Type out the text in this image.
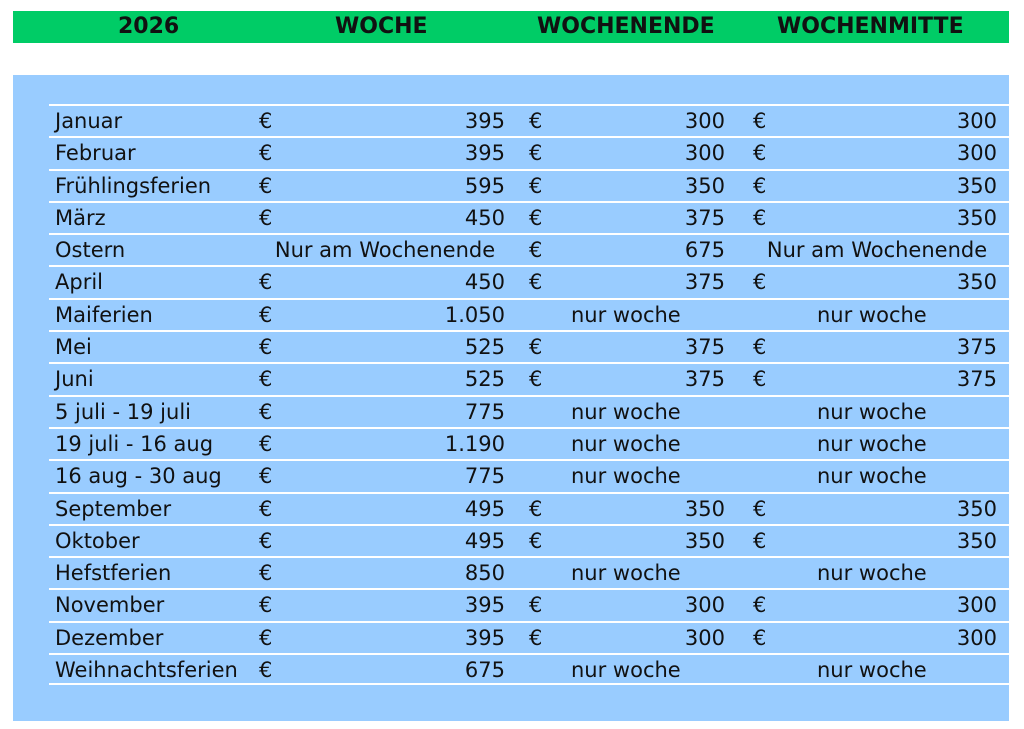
2026	WOCHE	WOCHENENDE	WOCHENMITTE
Januar	€	395 €	300 €	300
Februar	€	395 €	300 €	300
Frühlingsferien €	595 €	350 €	350
März	€	450 €	375 €	350
Ostern	Nur am Wochenende	€	675	Nur am Wochenende
April	€	450 €	375 €	350
Maiferien	€	1.050	nur woche	nur woche
Mei	€	525 €	375 €	375
Juni	€	525 €	375 €	375
5 juli - 19 juli	€	775	nur woche	nur woche
19 juli - 16 aug €	1.190	nur woche	nur woche
16 aug - 30 aug €	775	nur woche	nur woche
September	€	495 €	350 €	350
Oktober	€	495 €	350 €	350
Hefstferien	€	850	nur woche	nur woche
November	€	395 €	300 €	300
Dezember	€	395 €	300 €	300
Weihnachtsferien €	675	nur woche	nur woche
